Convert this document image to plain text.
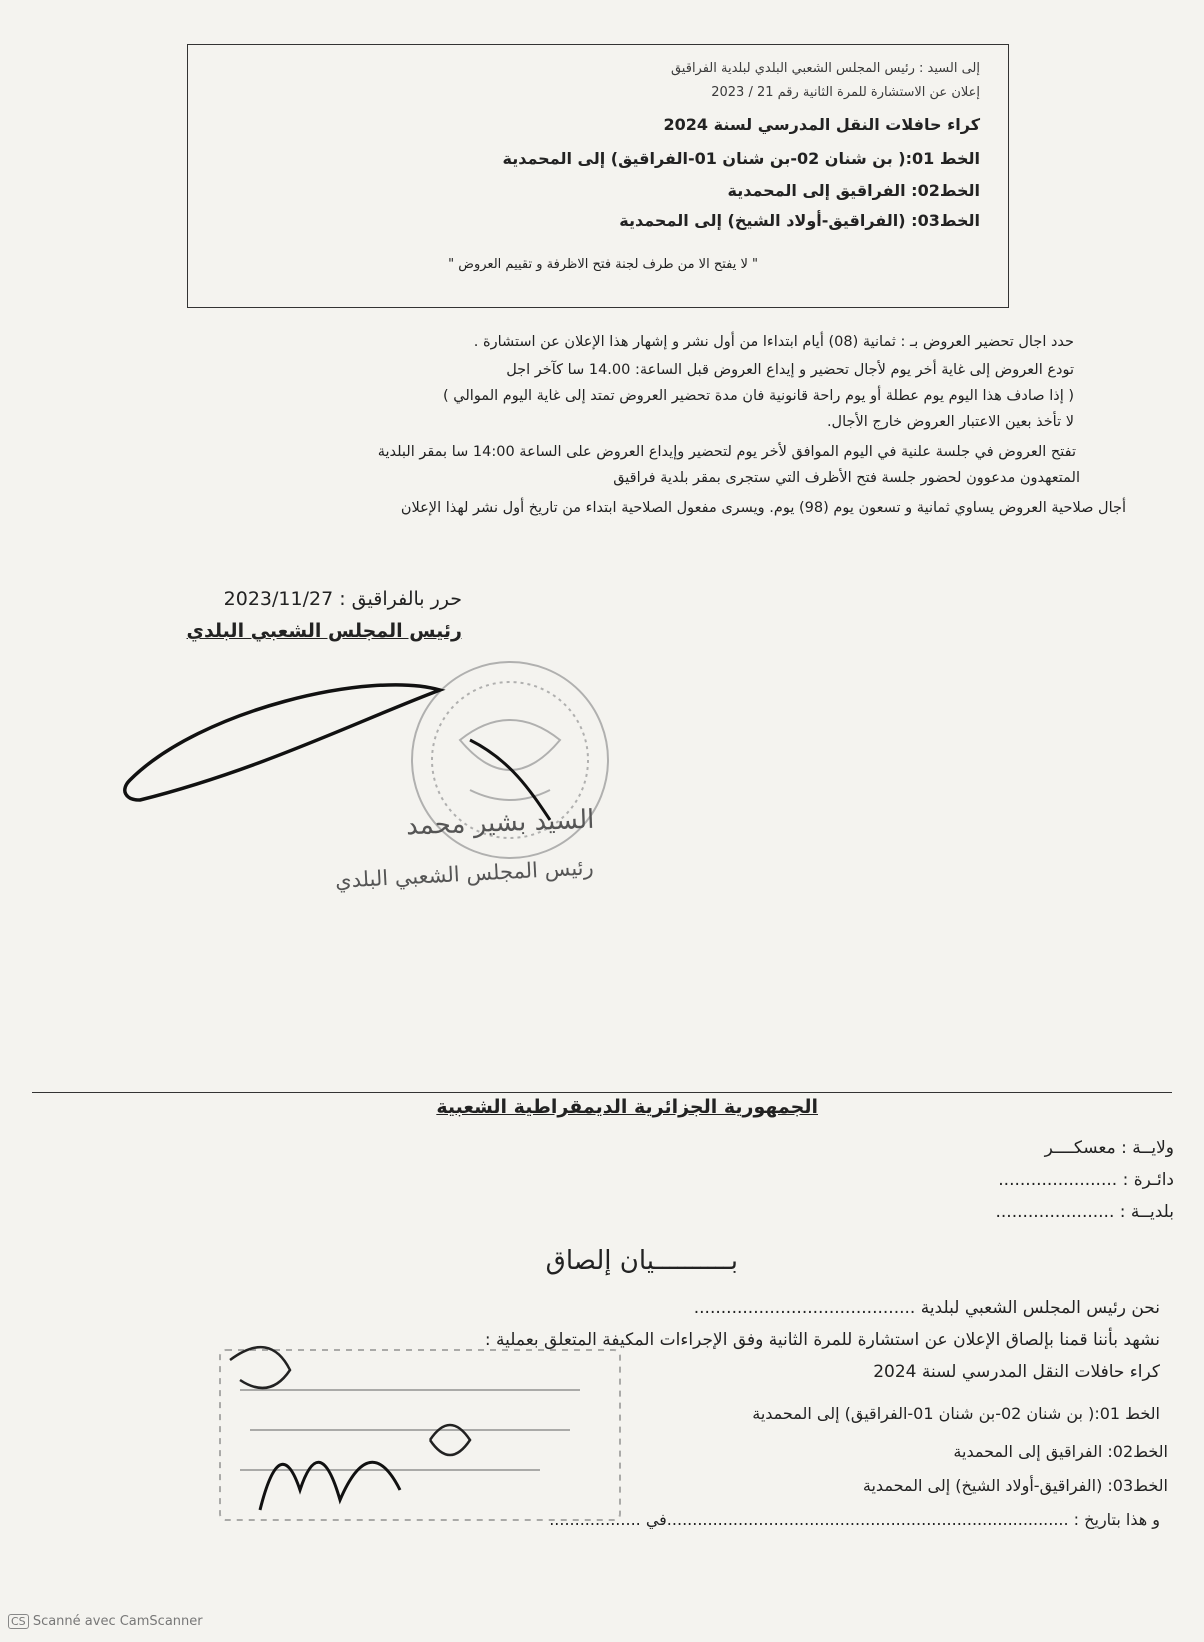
إلى السيد : رئيس المجلس الشعبي البلدي لبلدية الفراقيق
إعلان عن الاستشارة للمرة الثانية رقم 21 / 2023
كراء حافلات النقل المدرسي لسنة 2024
الخط 01:( بن شنان 02-بن شنان 01-الفراقيق) إلى المحمدية
الخط02: الفراقيق إلى المحمدية
الخط03: (الفراقيق-أولاد الشيخ) إلى المحمدية
" لا يفتح الا من طرف لجنة فتح الاظرفة و تقييم العروض "
حدد اجال تحضير العروض بـ : ثمانية (08) أيام ابتداءا من أول نشر و إشهار هذا الإعلان عن استشارة .
تودع العروض إلى غاية أخر يوم لأجال تحضير و إيداع العروض قبل الساعة: 14.00 سا كآخر اجل
( إذا صادف هذا اليوم يوم عطلة أو يوم راحة قانونية فان مدة تحضير العروض تمتد إلى غاية اليوم الموالي )
لا تأخذ بعين الاعتبار العروض خارج الأجال.
تفتح العروض في جلسة علنية في اليوم الموافق لأخر يوم لتحضير وإيداع العروض على الساعة 14:00 سا بمقر البلدية
المتعهدون مدعوون لحضور جلسة فتح الأظرف التي ستجرى بمقر بلدية فراقيق
أجال صلاحية العروض يساوي ثمانية و تسعون يوم (98) يوم. ويسرى مفعول الصلاحية ابتداء من تاريخ أول نشر لهذا الإعلان
حرر بالفراقيق : 2023/11/27
رئيس المجلس الشعبي البلدي
السيد بشير محمد
رئيس المجلس الشعبي البلدي
الجمهورية الجزائرية الديمقراطية الشعبية
ولايــة : معسكــــر
دائـرة : ......................
بلديــة : ......................
بــــــــــيان إلصاق
نحن رئيس المجلس الشعبي لبلدية .........................................
نشهد بأننا قمنا بإلصاق الإعلان عن استشارة للمرة الثانية وفق الإجراءات المكيفة المتعلق بعملية :
كراء حافلات النقل المدرسي لسنة 2024
الخط 01:( بن شنان 02-بن شنان 01-الفراقيق) إلى المحمدية
الخط02: الفراقيق إلى المحمدية
الخط03: (الفراقيق-أولاد الشيخ) إلى المحمدية
و هذا بتاريخ : ...............................................................................في ..................
CS Scanné avec CamScanner
